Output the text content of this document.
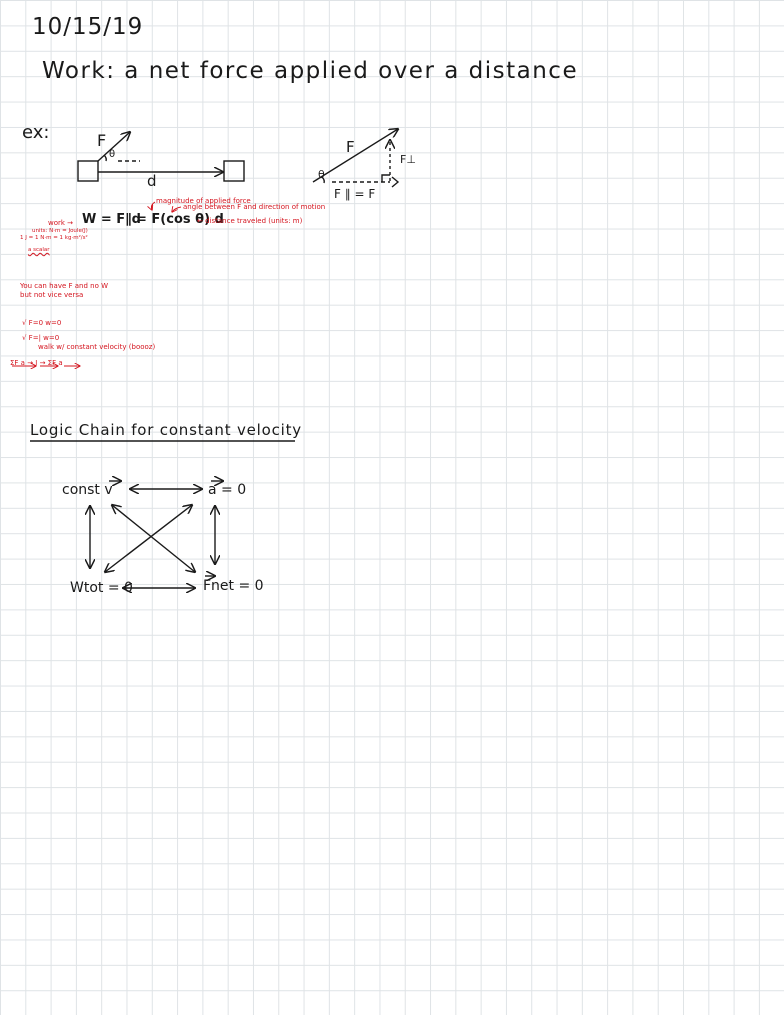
10/15/19
Work: a net force applied over a distance
ex:	F
θ
d
F
F⊥
θ
F ∥ = F
magnitude of applied force
angle between F and direction of motion
work → W = F∥d
= F(cos θ) d
← distance traveled (units: m)
units: N·m = Joule(J)
1 J = 1 N·m = 1 kg·m²/s²
a scalar
You can have F and no W
but not vice versa
√ F=0 w=0
√ F=| w=0
walk w/ constant velocity (boooz)
ΣF a → J → ΣF a
Logic Chain for constant velocity
const v	a = 0
Wtot = 0	Fnet = 0
